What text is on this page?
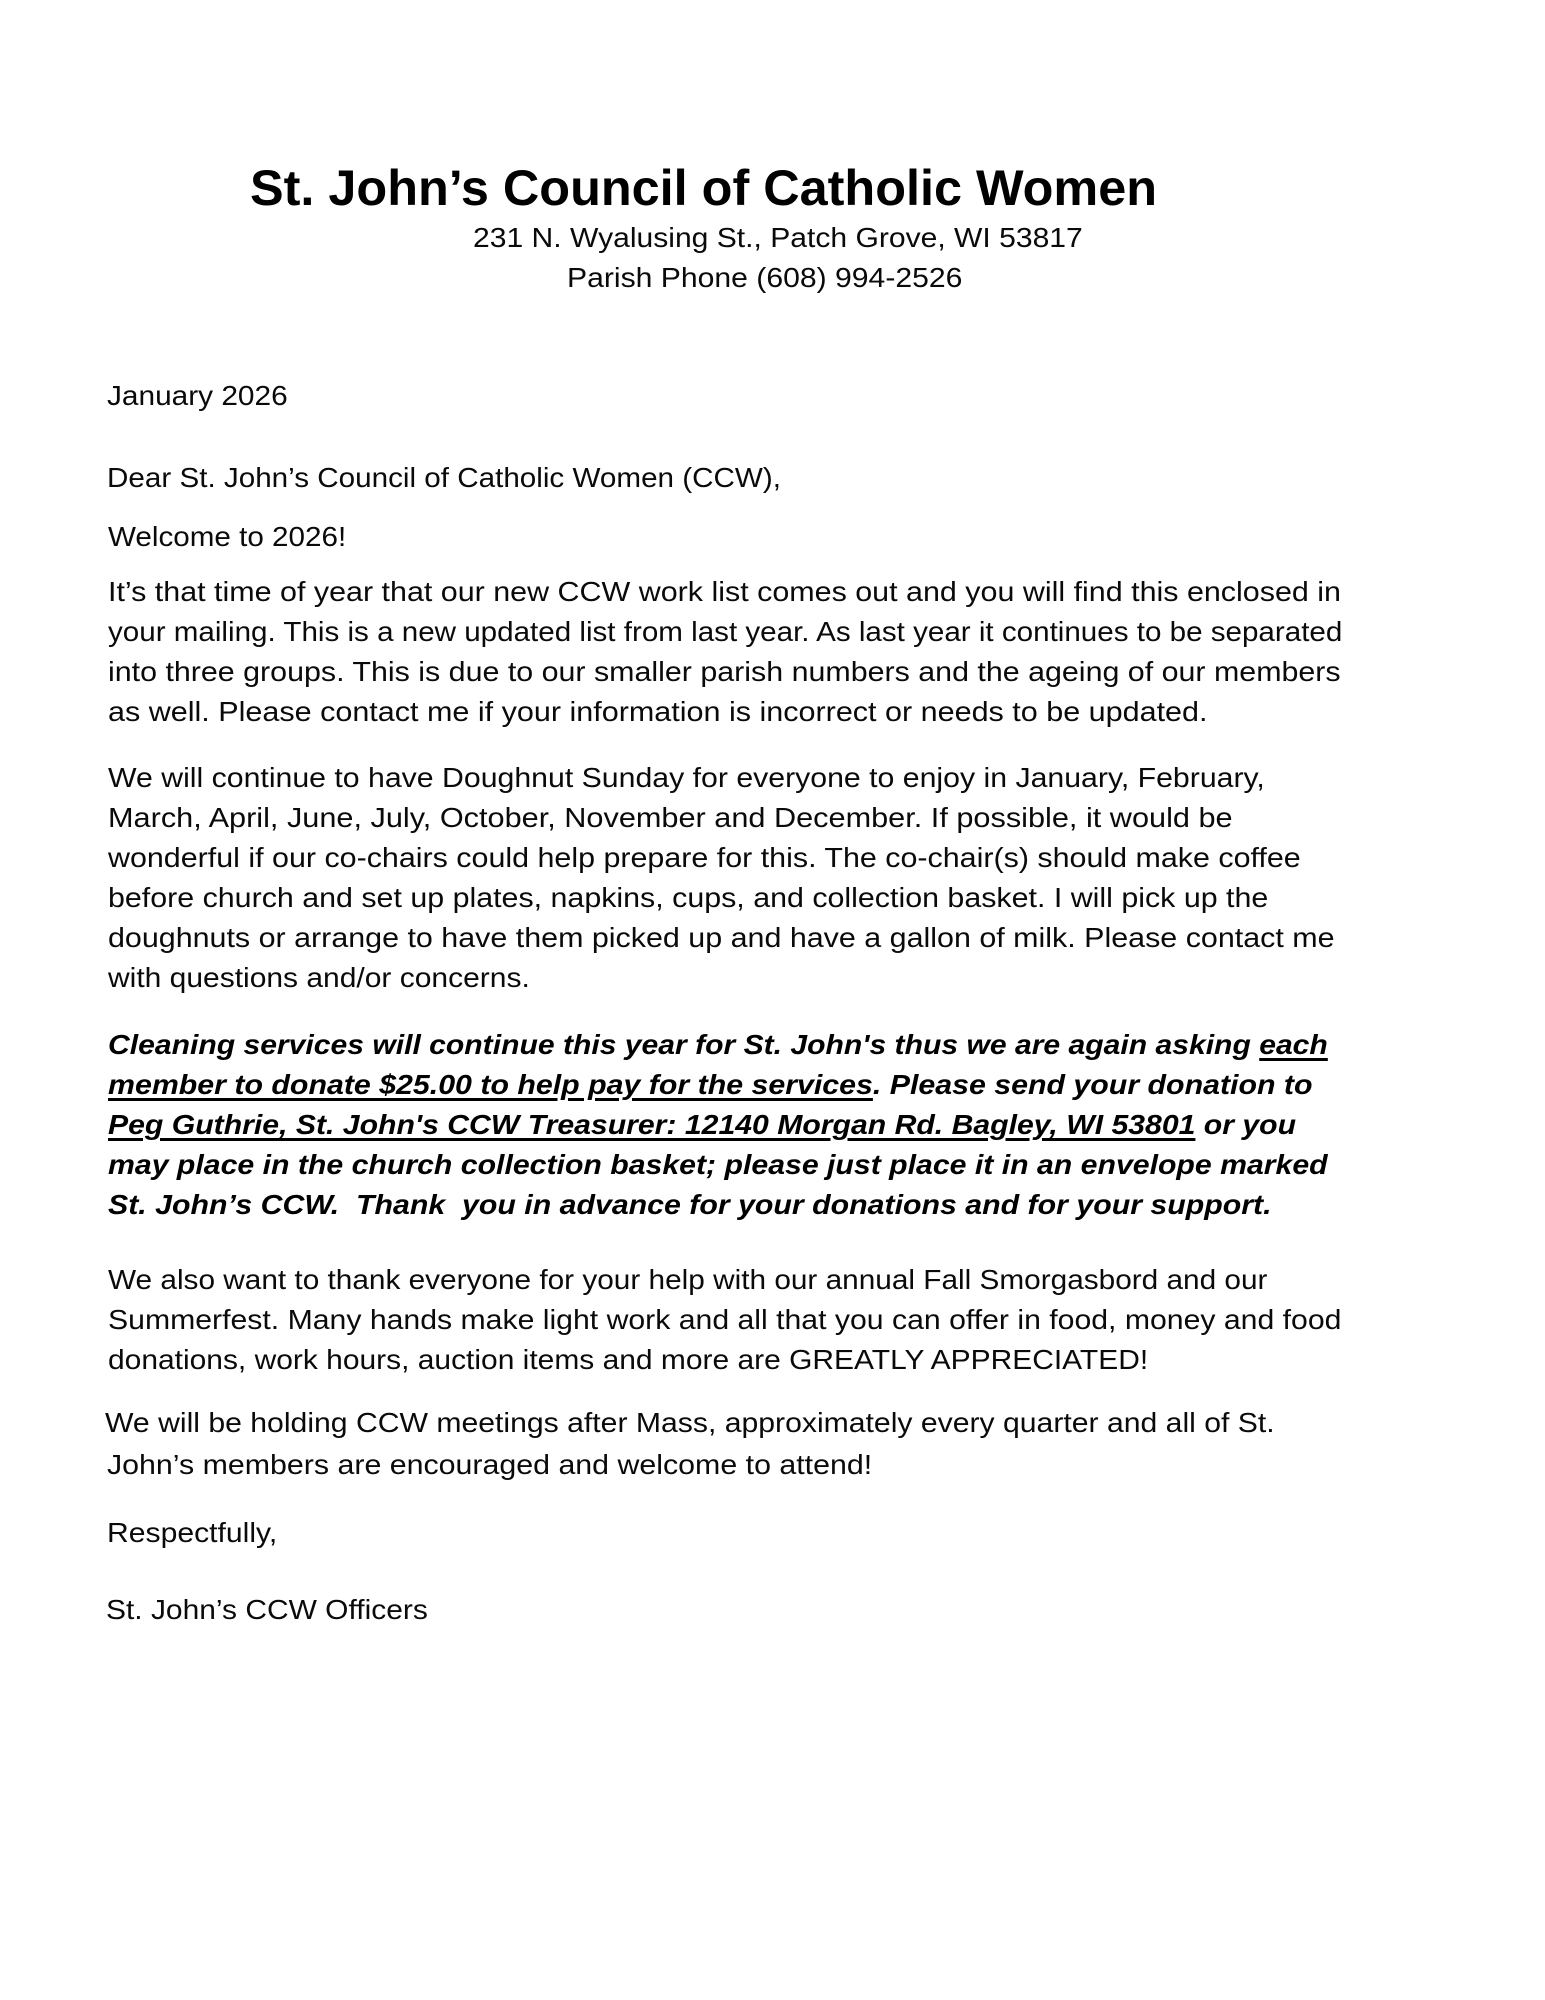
St. John’s Council of Catholic Women
231 N. Wyalusing St., Patch Grove, WI 53817
Parish Phone (608) 994-2526
January 2026
Dear St. John’s Council of Catholic Women (CCW),
Welcome to 2026!
It’s that time of year that our new CCW work list comes out and you will find this enclosed in
your mailing. This is a new updated list from last year. As last year it continues to be separated
into three groups. This is due to our smaller parish numbers and the ageing of our members
as well. Please contact me if your information is incorrect or needs to be updated.
We will continue to have Doughnut Sunday for everyone to enjoy in January, February,
March, April, June, July, October, November and December. If possible, it would be
wonderful if our co-chairs could help prepare for this. The co-chair(s) should make coffee
before church and set up plates, napkins, cups, and collection basket. I will pick up the
doughnuts or arrange to have them picked up and have a gallon of milk. Please contact me
with questions and/or concerns.
Cleaning services will continue this year for St. John's thus we are again asking each
member to donate $25.00 to help pay for the services. Please send your donation to
Peg Guthrie, St. John's CCW Treasurer: 12140 Morgan Rd. Bagley, WI 53801 or you
may place in the church collection basket; please just place it in an envelope marked
St. John’s CCW.  Thank  you in advance for your donations and for your support.
We also want to thank everyone for your help with our annual Fall Smorgasbord and our
Summerfest. Many hands make light work and all that you can offer in food, money and food
donations, work hours, auction items and more are GREATLY APPRECIATED!
We will be holding CCW meetings after Mass, approximately every quarter and all of St.
John’s members are encouraged and welcome to attend!
Respectfully,
St. John’s CCW Officers
